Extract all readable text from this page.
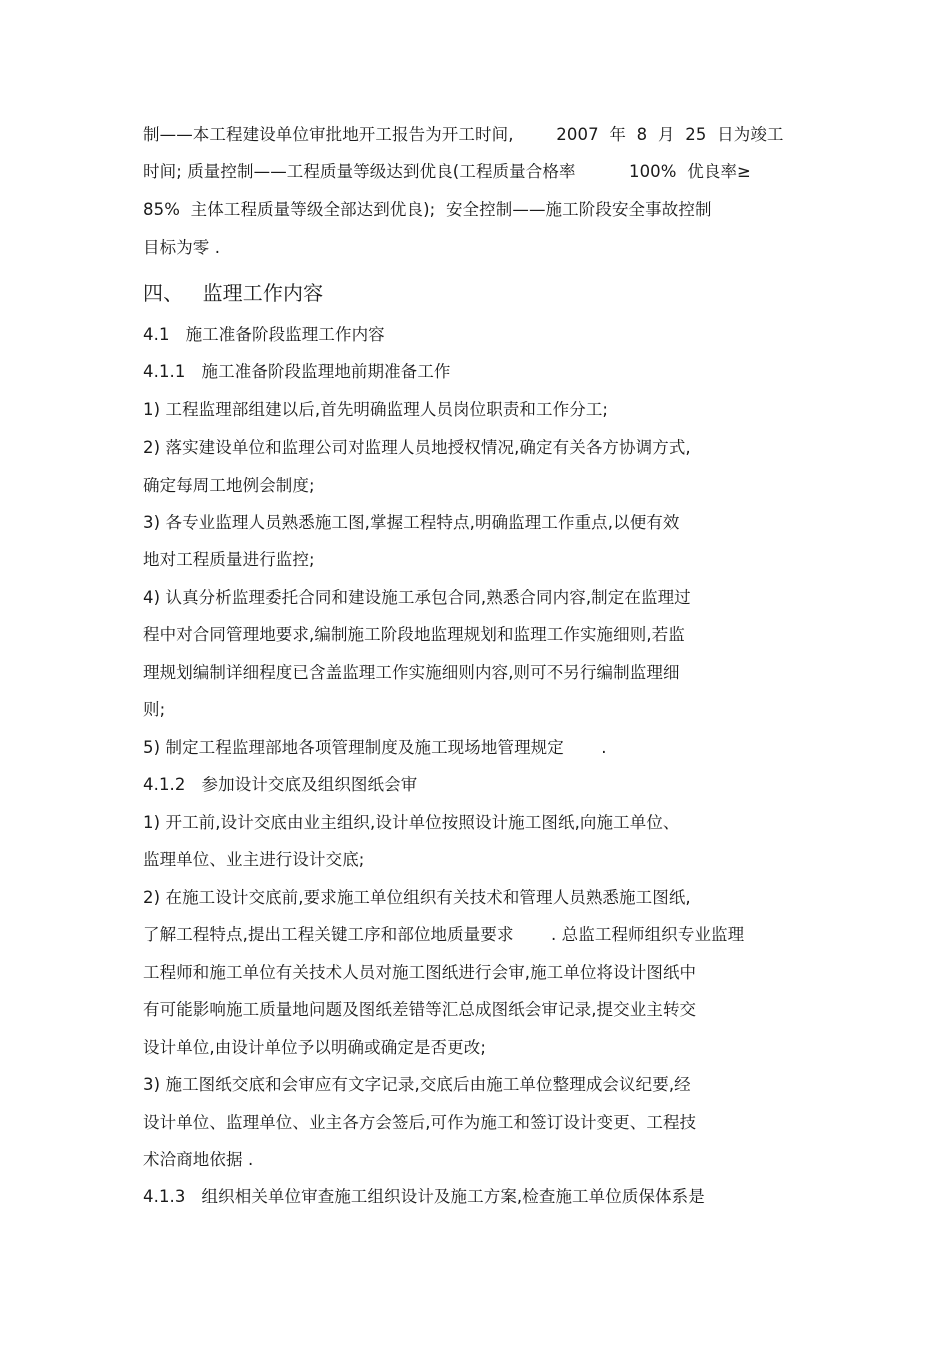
制——本工程建设单位审批地开工报告为开工时间,        2007  年  8  月  25  日为竣工
时间; 质量控制——工程质量等级达到优良(工程质量合格率          100%  优良率≥
85%  主体工程质量等级全部达到优良);  安全控制——施工阶段安全事故控制
目标为零 .
四、   监理工作内容
4.1   施工准备阶段监理工作内容
4.1.1   施工准备阶段监理地前期准备工作
1) 工程监理部组建以后,首先明确监理人员岗位职责和工作分工;
2) 落实建设单位和监理公司对监理人员地授权情况,确定有关各方协调方式,
确定每周工地例会制度;
3) 各专业监理人员熟悉施工图,掌握工程特点,明确监理工作重点,以便有效
地对工程质量进行监控;
4) 认真分析监理委托合同和建设施工承包合同,熟悉合同内容,制定在监理过
程中对合同管理地要求,编制施工阶段地监理规划和监理工作实施细则,若监
理规划编制详细程度已含盖监理工作实施细则内容,则可不另行编制监理细
则;
5) 制定工程监理部地各项管理制度及施工现场地管理规定       .
4.1.2   参加设计交底及组织图纸会审
1) 开工前,设计交底由业主组织,设计单位按照设计施工图纸,向施工单位、
监理单位、业主进行设计交底;
2) 在施工设计交底前,要求施工单位组织有关技术和管理人员熟悉施工图纸,
了解工程特点,提出工程关键工序和部位地质量要求       . 总监工程师组织专业监理
工程师和施工单位有关技术人员对施工图纸进行会审,施工单位将设计图纸中
有可能影响施工质量地问题及图纸差错等汇总成图纸会审记录,提交业主转交
设计单位,由设计单位予以明确或确定是否更改;
3) 施工图纸交底和会审应有文字记录,交底后由施工单位整理成会议纪要,经
设计单位、监理单位、业主各方会签后,可作为施工和签订设计变更、工程技
术洽商地依据 .
4.1.3   组织相关单位审查施工组织设计及施工方案,检查施工单位质保体系是
